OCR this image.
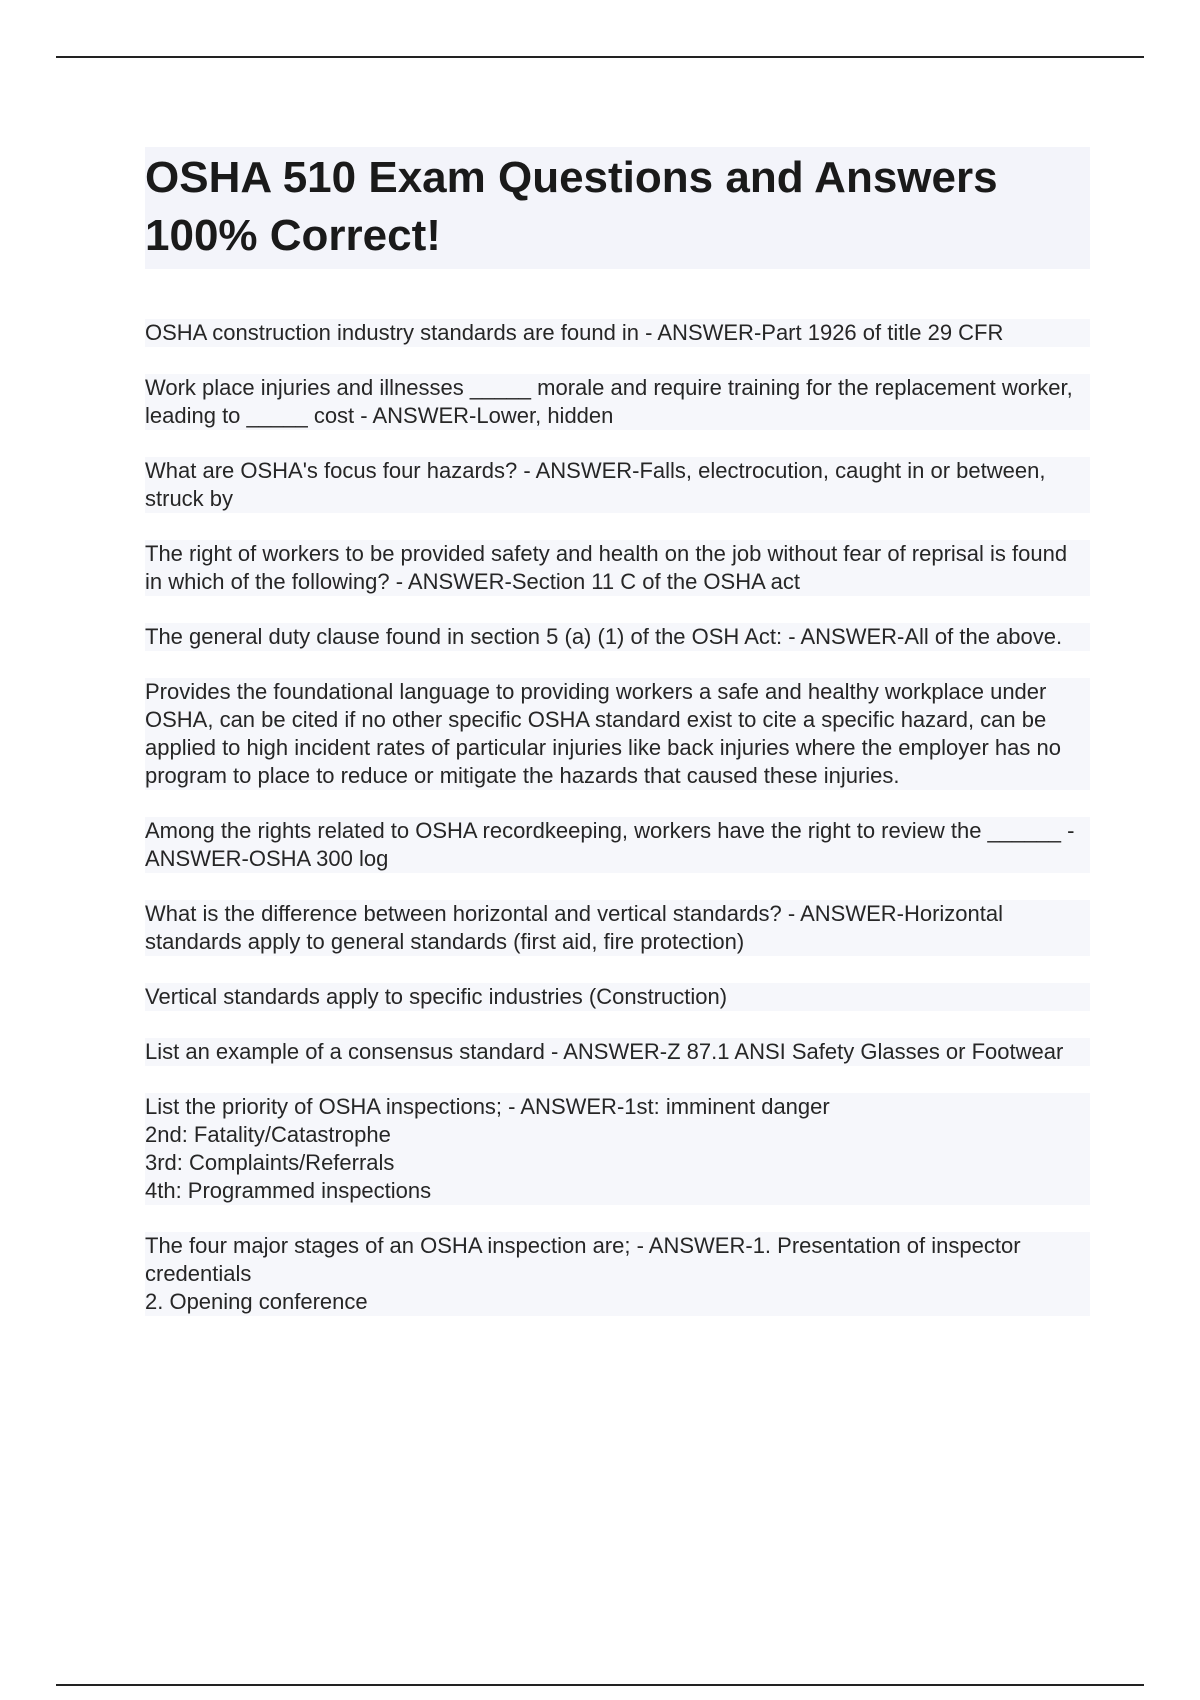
OSHA 510 Exam Questions and Answers
100% Correct!

OSHA construction industry standards are found in - ANSWER-Part 1926 of title 29 CFR

Work place injuries and illnesses _____ morale and require training for the replacement worker, leading to _____ cost - ANSWER-Lower, hidden

What are OSHA's focus four hazards? - ANSWER-Falls, electrocution, caught in or between, struck by

The right of workers to be provided safety and health on the job without fear of reprisal is found in which of the following? - ANSWER-Section 11 C of the OSHA act

The general duty clause found in section 5 (a) (1) of the OSH Act: - ANSWER-All of the above.

Provides the foundational language to providing workers a safe and healthy workplace under OSHA, can be cited if no other specific OSHA standard exist to cite a specific hazard, can be applied to high incident rates of particular injuries like back injuries where the employer has no program to place to reduce or mitigate the hazards that caused these injuries.

Among the rights related to OSHA recordkeeping, workers have the right to review the ______ - ANSWER-OSHA 300 log

What is the difference between horizontal and vertical standards? - ANSWER-Horizontal standards apply to general standards (first aid, fire protection)

Vertical standards apply to specific industries (Construction)

List an example of a consensus standard - ANSWER-Z 87.1 ANSI Safety Glasses or Footwear

List the priority of OSHA inspections; - ANSWER-1st: imminent danger
2nd: Fatality/Catastrophe
3rd: Complaints/Referrals
4th: Programmed inspections

The four major stages of an OSHA inspection are; - ANSWER-1. Presentation of inspector credentials
2. Opening conference
